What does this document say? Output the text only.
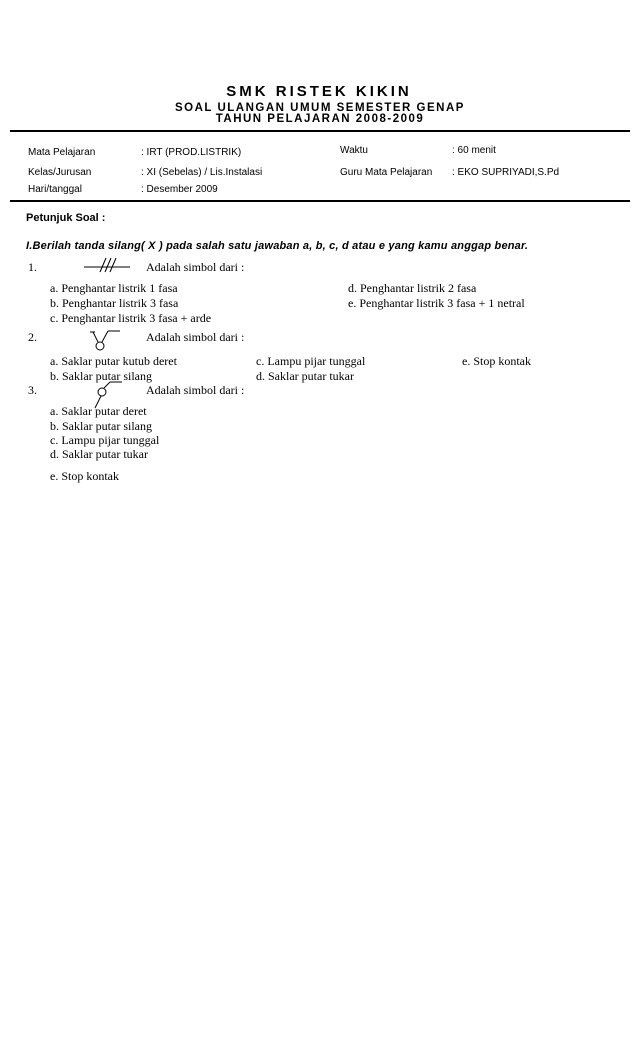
SMK RISTEK KIKIN
SOAL ULANGAN UMUM SEMESTER GENAP
TAHUN PELAJARAN 2008-2009
Mata Pelajaran	: IRT (PROD.LISTRIK)	Waktu	: 60 menit
Kelas/Jurusan	: XI (Sebelas) / Lis.Instalasi	Guru Mata Pelajaran : EKO SUPRIYADI,S.Pd
Hari/tanggal	: Desember 2009
Petunjuk Soal :
I.Berilah tanda silang( X ) pada salah satu jawaban a, b, c, d atau e yang kamu anggap benar.
1.	Adalah simbol dari :
a. Penghantar listrik 1 fasa
b. Penghantar listrik 3 fasa
c. Penghantar listrik 3 fasa + arde
d. Penghantar listrik 2 fasa
e. Penghantar listrik 3 fasa + 1 netral
2.	Adalah simbol dari :
a. Saklar putar kutub deret
b. Saklar putar silang
c. Lampu pijar tunggal
d. Saklar putar tukar
e. Stop kontak
3.	Adalah simbol dari :
a. Saklar putar deret
b. Saklar putar silang
c. Lampu pijar tunggal
d. Saklar putar tukar
e. Stop kontak
